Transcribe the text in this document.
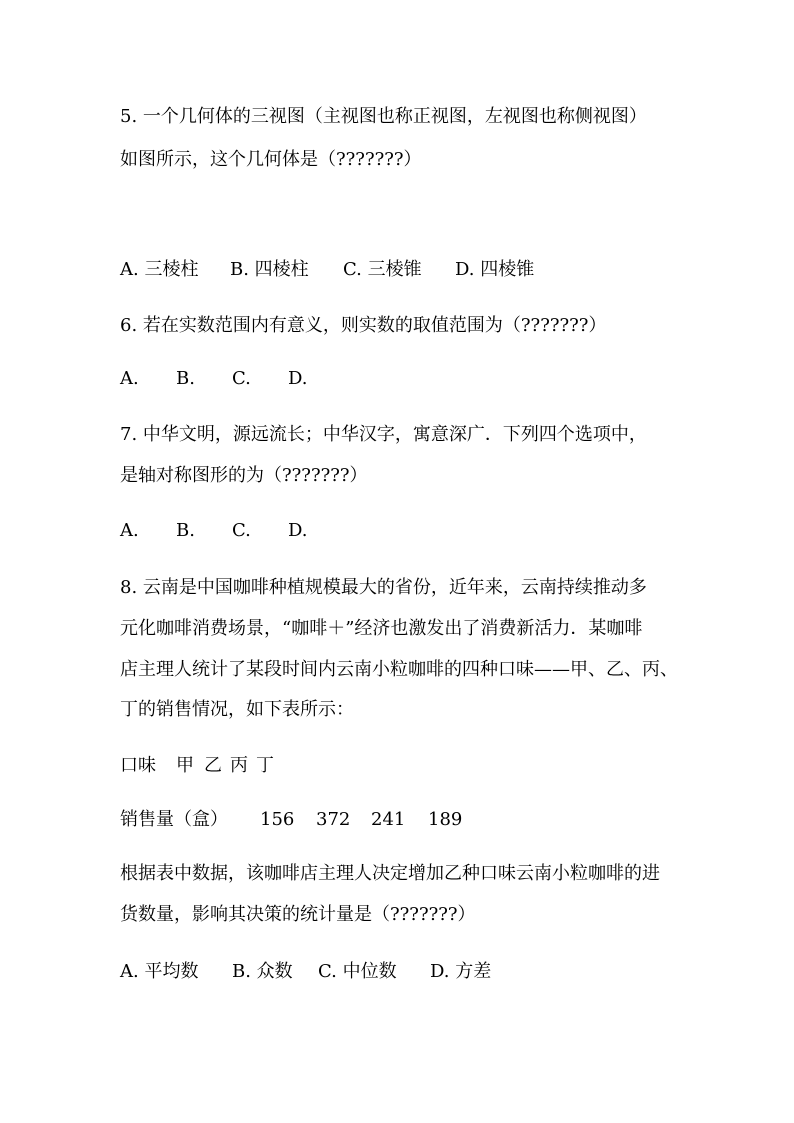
5. 一个几何体的三视图（主视图也称正视图，左视图也称侧视图）
如图所示，这个几何体是（???????）
A. 三棱柱 B. 四棱柱 C. 三棱锥 D. 四棱锥
6. 若在实数范围内有意义，则实数的取值范围为（???????）
A. B. C. D.
7. 中华文明，源远流长；中华汉字，寓意深广．下列四个选项中，
是轴对称图形的为（???????）
A. B. C. D.
8. 云南是中国咖啡种植规模最大的省份，近年来，云南持续推动多
元化咖啡消费场景，“咖啡＋”经济也激发出了消费新活力．某咖啡
店主理人统计了某段时间内云南小粒咖啡的四种口味——甲、乙、丙、
丁的销售情况，如下表所示：
口味 甲 乙 丙 丁
销售量（盒） 156 372 241 189
根据表中数据，该咖啡店主理人决定增加乙种口味云南小粒咖啡的进
货数量，影响其决策的统计量是（???????）
A. 平均数 B. 众数 C. 中位数 D. 方差
